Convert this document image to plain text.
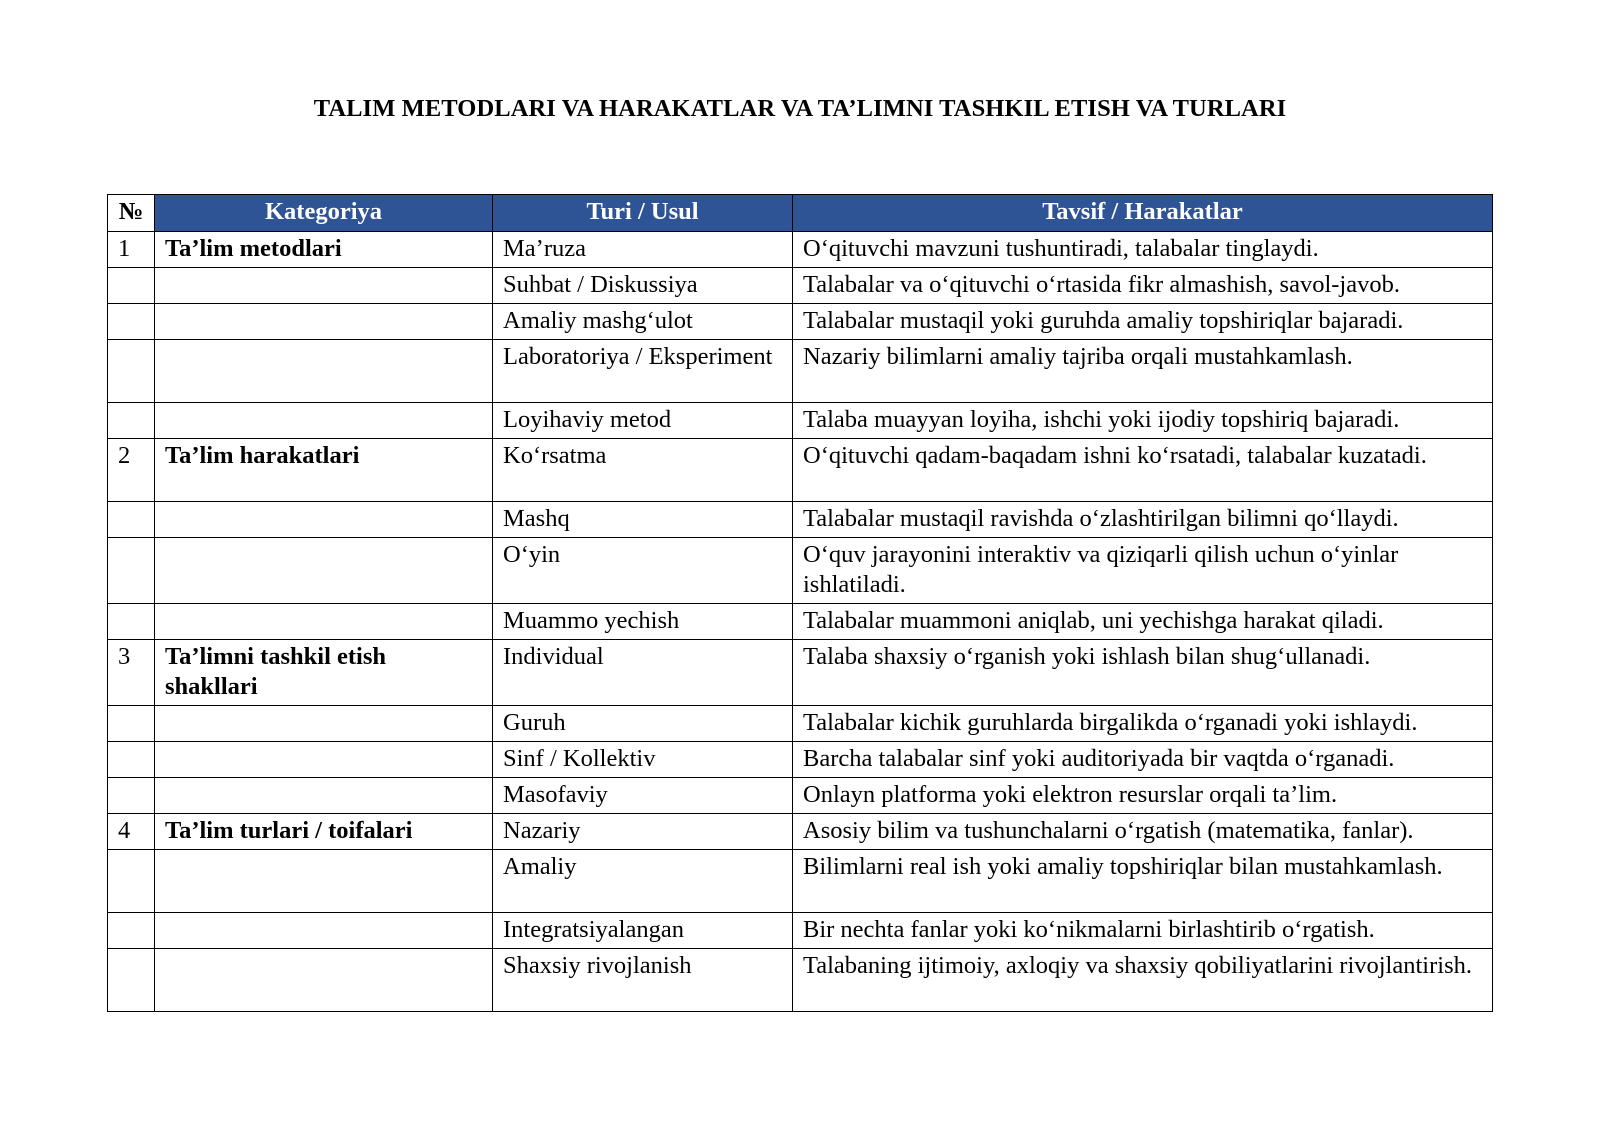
TALIM METODLARI VA HARAKATLAR VA TA’LIMNI TASHKIL ETISH VA TURLARI
№	Kategoriya	Turi / Usul	Tavsif / Harakatlar
1	Ta’lim metodlari	Ma’ruza	O‘qituvchi mavzuni tushuntiradi, talabalar tinglaydi.
		Suhbat / Diskussiya	Talabalar va o‘qituvchi o‘rtasida fikr almashish, savol-javob.
		Amaliy mashg‘ulot	Talabalar mustaqil yoki guruhda amaliy topshiriqlar bajaradi.
		Laboratoriya / Eksperiment	Nazariy bilimlarni amaliy tajriba orqali mustahkamlash.
		Loyihaviy metod	Talaba muayyan loyiha, ishchi yoki ijodiy topshiriq bajaradi.
2	Ta’lim harakatlari	Ko‘rsatma	O‘qituvchi qadam-baqadam ishni ko‘rsatadi, talabalar kuzatadi.
		Mashq	Talabalar mustaqil ravishda o‘zlashtirilgan bilimni qo‘llaydi.
		O‘yin	O‘quv jarayonini interaktiv va qiziqarli qilish uchun o‘yinlar ishlatiladi.
		Muammo yechish	Talabalar muammoni aniqlab, uni yechishga harakat qiladi.
3	Ta’limni tashkil etish shakllari	Individual	Talaba shaxsiy o‘rganish yoki ishlash bilan shug‘ullanadi.
		Guruh	Talabalar kichik guruhlarda birgalikda o‘rganadi yoki ishlaydi.
		Sinf / Kollektiv	Barcha talabalar sinf yoki auditoriyada bir vaqtda o‘rganadi.
		Masofaviy	Onlayn platforma yoki elektron resurslar orqali ta’lim.
4	Ta’lim turlari / toifalari	Nazariy	Asosiy bilim va tushunchalarni o‘rgatish (matematika, fanlar).
		Amaliy	Bilimlarni real ish yoki amaliy topshiriqlar bilan mustahkamlash.
		Integratsiyalangan	Bir nechta fanlar yoki ko‘nikmalarni birlashtirib o‘rgatish.
		Shaxsiy rivojlanish	Talabaning ijtimoiy, axloqiy va shaxsiy qobiliyatlarini rivojlantirish.
